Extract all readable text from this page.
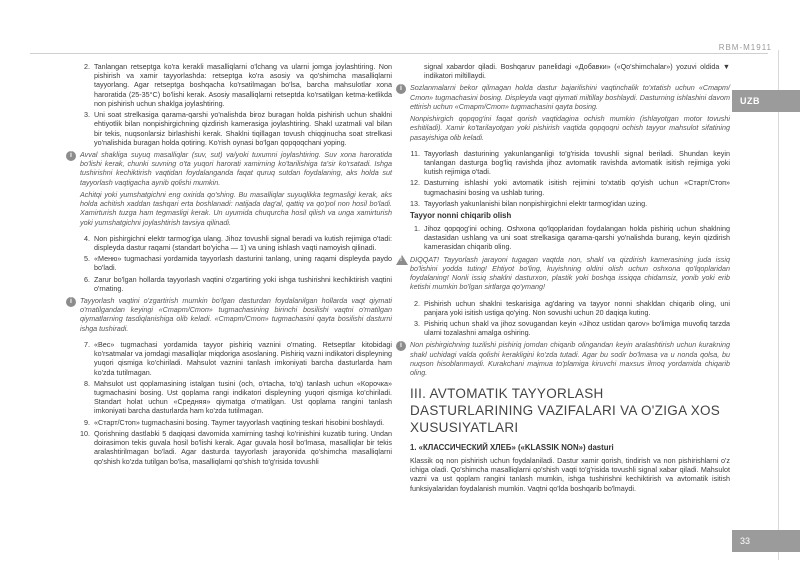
RBM-M1911
UZB
33
2. Tanlangan retseptga ko'ra kerakli masalliqlarni o'lchang va ularni jomga joylashtiring. Non pishirish va xamir tayyorlashda: retseptga ko'ra asosiy va qo'shimcha masalliqlarni tayyorlang. Agar retseptga boshqacha ko'rsatilmagan bo'lsa, barcha mahsulotlar xona haroratida (25-35°C) bo'lishi kerak. Asosiy masalliqlarni retseptda ko'rsatilgan ketma-ketlikda non pishirish uchun shaklga joylashtiring.
3. Uni soat strelkasiga qarama-qarshi yo'nalishda biroz buragan holda pishirish uchun shaklni ehtiyotlik bilan nonpishirgichning qizdirish kamerasiga joylashtiring. Shakl uzatmali val bilan bir tekis, nuqsonlarsiz birlashishi kerak. Shaklni tiqillagan tovush chiqqinucha soat strelkasi yo'nalishida buragan holda qotiring. Ko'rish oynasi bo'lgan qopqoqchani yoping.
i	Avval shakliga suyuq masalliqlar (suv, sut) va/yoki tuxumni joylashtiring. Suv xona haroratida bo'lishi kerak, chunki suvning o'ta yuqori harorati xamirning ko'tarilishiga ta'sir ko'rsatadi. Ishga tushirishni kechiktirish vaqtidan foydalanganda faqat quruq sutdan foydalaning, aks holda sut tayyorlash vaqtigacha aynib qolishi mumkin.

Achitqi yoki yumshatgichni eng oxirida qo'shing. Bu masalliqlar suyuqlikka tegmasligi kerak, aks holda achitish xaddan tashqari erta boshlanadi: natijada dag'al, qattiq va qo'pol non hosil bo'ladi. Xamirturish tuzga ham tegmasligi kerak. Un uyumida chuqurcha hosil qilish va unga xamirturish yoki yumshatgichni joylashtirish tavsiya qilinadi.

4. Non pishirgichni elektr tarmog'iga ulang. Jihoz tovushli signal beradi va kutish rejimiga o'tadi: displeyda dastur raqami (standart bo'yicha — 1) va uning ishlash vaqti namoyish qilinadi.
5. «Меню» tugmachasi yordamida tayyorlash dasturini tanlang, uning raqami displeyda paydo bo'ladi.
6. Zarur bo'lgan hollarda tayyorlash vaqtini o'zgartiring yoki ishga tushirishni kechiktirish vaqtini o'rnating.
i	Tayyorlash vaqtini o'zgartirish mumkin bo'lgan dasturdan foydalanilgan hollarda vaqt qiymati o'rnatilgandan keyingi «Старт/Стоп» tugmachasining birinchi bosilishi vaqtni o'rnatilgan qiymatlarning tasdiqlanishiga olib keladi. «Старт/Стоп» tugmachasini qayta bosilishi dasturni ishga tushiradi.

7. «Вес» tugmachasi yordamida tayyor pishiriq vaznini o'rnating. Retseptlar kitobidagi ko'rsatmalar va jomdagi masalliqlar miqdoriga asoslaning. Pishiriq vazni indikatori displeyning yuqori qismiga ko'chiriladi. Mahsulot vaznini tanlash imkoniyati barcha dasturlarda ham ko'zda tutilmagan.
8. Mahsulot ust qoplamasining istalgan tusini (och, o'rtacha, to'q) tanlash uchun «Корочка» tugmachasini bosing. Ust qoplama rangi indikatori displeyning yuqori qismiga ko'chiriladi. Standart holat uchun «Средняя» qiymatga o'rnatilgan. Ust qoplama rangini tanlash imkoniyati barcha dasturlarda ham ko'zda tutilmagan.
9. «Старт/Стоп» tugmachasini bosing. Taymer tayyorlash vaqtining teskari hisobini boshlaydi.
10. Qorishning dastlabki 5 daqiqasi davomida xamirning tashqi ko'rinishini kuzatib turing. Undan doirasimon tekis guvala hosil bo'lishi kerak. Agar guvala hosil bo'lmasa, masalliqlar bir tekis aralashtirilmagan bo'ladi. Agar dasturda tayyorlash jarayonida qo'shimcha masalliqlarni qo'shish ko'zda tutilgan bo'lsa, masalliqlarni qo'shish to'g'risida tovushli
signal xabardor qiladi. Boshqaruv panelidagi «Добавки» («Qo'shimchalar») yozuvi oldida ▼ indikatori miltillaydi.
i	Sozlanmalarni bekor qilmagan holda dastur bajarilishini vaqtinchalik to'xtatish uchun «Старт/Стоп» tugmachasini bosing. Displeyda vaqt qiymati miltillay boshlaydi. Dasturning ishlashini davom ettirish uchun «Старт/Стоп» tugmachasini qayta bosing.

Nonpishirgich qopqog'ini faqat qorish vaqtidagina ochish mumkin (ishlayotgan motor tovushi eshitiladi). Xamir ko'tarilayotgan yoki pishirish vaqtida qopqoqni ochish tayyor mahsulot sifatining pasayishiga olib keladi.

11. Tayyorlash dasturining yakunlanganligi to'g'risida tovushli signal beriladi. Shundan keyin tanlangan dasturga bog'liq ravishda jihoz avtomatik ravishda avtomatik isitish rejimiga yoki kutish rejimiga o'tadi.
12. Dasturning ishlashi yoki avtomatik isitish rejimini to'xtatib qo'yish uchun «Старт/Стоп» tugmachasini bosing va ushlab turing.
13. Tayyorlash yakunlanishi bilan nonpishirgichni elektr tarmog'idan uzing.
Tayyor nonni chiqarib olish
1. Jihoz qopqog'ini oching. Oshxona qo'lqoplaridan foydalangan holda pishiriq uchun shaklning dastasidan ushlang va uni soat strelkasiga qarama-qarshi yo'nalishda burang, keyin qizdirish kamerasidan chiqarib oling.
! DIQQAT! Tayyorlash jarayoni tugagan vaqtda non, shakl va qizdirish kamerasining juda issiq bo'lishini yodda tuting! Ehtiyot bo'ling, kuyishning oldini olish uchun oshxona qo'lqoplaridan foydalaning! Nonli issiq shaklni dasturxon, plastik yoki boshqa issiqqa chidamsiz, yonib yoki erib ketishi mumkin bo'lgan sirtlarga qo'ymang!

2. Pishirish uchun shaklni teskarisiga ag'daring va tayyor nonni shakldan chiqarib oling, uni panjara yoki isitish ustiga qo'ying. Non sovushi uchun 20 daqiqa kuting.
3. Pishiriq uchun shakl va jihoz sovugandan keyin «Jihoz ustidan qarov» bo'limiga muvofiq tarzda ularni tozalashni amalga oshiring.
i	Non pishirgichning tuzilishi pishiriq jomdan chiqarib olingandan keyin aralashtirish uchun kurakning shakl uchidagi valda qolishi kerakligini ko'zda tutadi. Agar bu sodir bo'lmasa va u nonda qolsa, bu nuqson hisoblanmaydi. Kurakchani majmua to'plamiga kiruvchi maxsus ilmoq yordamida chiqarib oling.

III. AVTOMATIK TAYYORLASH DASTURLARINING VAZIFALARI VA O'ZIGA XOS XUSUSIYATLARI
1. «КЛАССИЧЕСКИЙ ХЛЕБ» («KLASSIK NON») dasturi
Klassik oq non pishirish uchun foydalaniladi. Dastur xamir qorish, tindirish va non pishirishlarni o'z ichiga oladi. Qo'shimcha masalliqlarni qo'shish vaqti to'g'risida tovushli signal xabar qiladi. Mahsulot vazni va ust qoplam rangini tanlash mumkin, ishga tushirishni kechiktirish va avtomatik isitish funksiyalaridan foydalanish mumkin. Vaqtni qo'lda boshqarib bo'lmaydi.
